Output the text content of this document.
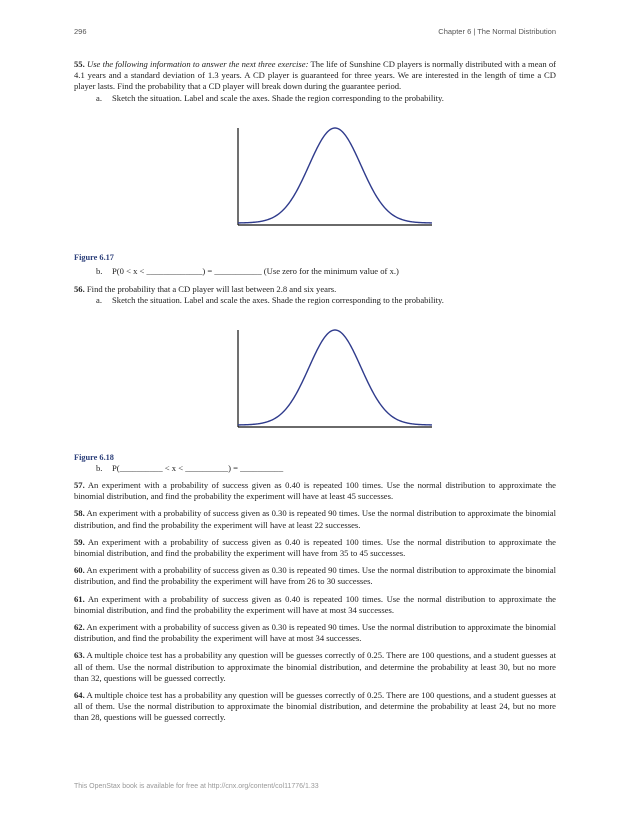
296	Chapter 6 | The Normal Distribution

55. Use the following information to answer the next three exercise: The life of Sunshine CD players is normally distributed with a mean of 4.1 years and a standard deviation of 1.3 years. A CD player is guaranteed for three years. We are interested in the length of time a CD player lasts. Find the probability that a CD player will break down during the guarantee period.

a. Sketch the situation. Label and scale the axes. Shade the region corresponding to the probability.

Figure 6.17

b. P(0 < x < _____________) = ___________ (Use zero for the minimum value of x.)

56. Find the probability that a CD player will last between 2.8 and six years.

a. Sketch the situation. Label and scale the axes. Shade the region corresponding to the probability.

Figure 6.18

b. P(__________ < x < __________) = __________

57. An experiment with a probability of success given as 0.40 is repeated 100 times. Use the normal distribution to approximate the binomial distribution, and find the probability the experiment will have at least 45 successes.

58. An experiment with a probability of success given as 0.30 is repeated 90 times. Use the normal distribution to approximate the binomial distribution, and find the probability the experiment will have at least 22 successes.

59. An experiment with a probability of success given as 0.40 is repeated 100 times. Use the normal distribution to approximate the binomial distribution, and find the probability the experiment will have from 35 to 45 successes.

60. An experiment with a probability of success given as 0.30 is repeated 90 times. Use the normal distribution to approximate the binomial distribution, and find the probability the experiment will have from 26 to 30 successes.

61. An experiment with a probability of success given as 0.40 is repeated 100 times. Use the normal distribution to approximate the binomial distribution, and find the probability the experiment will have at most 34 successes.

62. An experiment with a probability of success given as 0.30 is repeated 90 times. Use the normal distribution to approximate the binomial distribution, and find the probability the experiment will have at most 34 successes.

63. A multiple choice test has a probability any question will be guesses correctly of 0.25. There are 100 questions, and a student guesses at all of them. Use the normal distribution to approximate the binomial distribution, and determine the probability at least 30, but no more than 32, questions will be guessed correctly.

64. A multiple choice test has a probability any question will be guesses correctly of 0.25. There are 100 questions, and a student guesses at all of them. Use the normal distribution to approximate the binomial distribution, and determine the probability at least 24, but no more than 28, questions will be guessed correctly.

This OpenStax book is available for free at http://cnx.org/content/col11776/1.33
